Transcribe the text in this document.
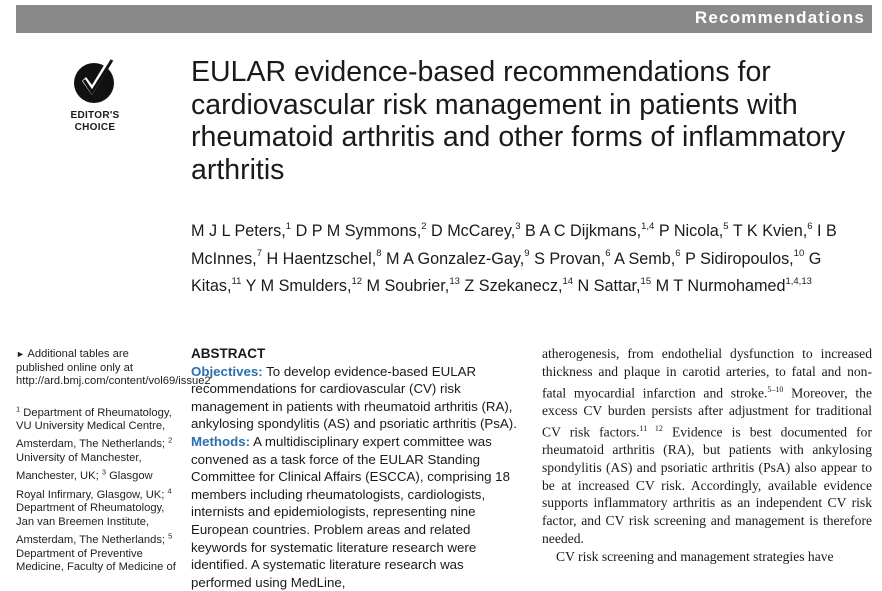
Recommendations
EDITOR'S
CHOICE
EULAR evidence-based recommendations for cardiovascular risk management in patients with rheumatoid arthritis and other forms of inflammatory arthritis
M J L Peters,$^1$ D P M Symmons,$^2$ D McCarey,$^3$ B A C Dijkmans,$^{1,4}$ P Nicola,$^5$ T K Kvien,$^6$ I B McInnes,$^7$ H Haentzschel,$^8$ M A Gonzalez-Gay,$^9$ S Provan,$^6$ A Semb,$^6$ P Sidiropoulos,$^{10}$ G Kitas,$^{11}$ Y M Smulders,$^{12}$ M Soubrier,$^{13}$ Z Szekanecz,$^{14}$ N Sattar,$^{15}$ M T Nurmohamed$^{1,4,13}$
► Additional tables are published online only at http://ard.bmj.com/content/vol69/issue2
$^1$ Department of Rheumatology, VU University Medical Centre, Amsterdam, The Netherlands; $^2$ University of Manchester, Manchester, UK; $^3$ Glasgow Royal Infirmary, Glasgow, UK; $^4$ Department of Rheumatology, Jan van Breemen Institute, Amsterdam, The Netherlands; $^5$ Department of Preventive Medicine, Faculty of Medicine of
ABSTRACT
Objectives: To develop evidence-based EULAR recommendations for cardiovascular (CV) risk management in patients with rheumatoid arthritis (RA), ankylosing spondylitis (AS) and psoriatic arthritis (PsA).
Methods: A multidisciplinary expert committee was convened as a task force of the EULAR Standing Committee for Clinical Affairs (ESCCA), comprising 18 members including rheumatologists, cardiologists, internists and epidemiologists, representing nine European countries. Problem areas and related keywords for systematic literature research were identified. A systematic literature research was performed using MedLine,

atherogenesis, from endothelial dysfunction to increased thickness and plaque in carotid arteries, to fatal and non-fatal myocardial infarction and stroke.$^{5-10}$ Moreover, the excess CV burden persists after adjustment for traditional CV risk factors.$^{11 12}$ Evidence is best documented for rheumatoid arthritis (RA), but patients with ankylosing spondylitis (AS) and psoriatic arthritis (PsA) also appear to be at increased CV risk. Accordingly, available evidence supports inflammatory arthritis as an independent CV risk factor, and CV risk screening and management is therefore needed.

CV risk screening and management strategies have
